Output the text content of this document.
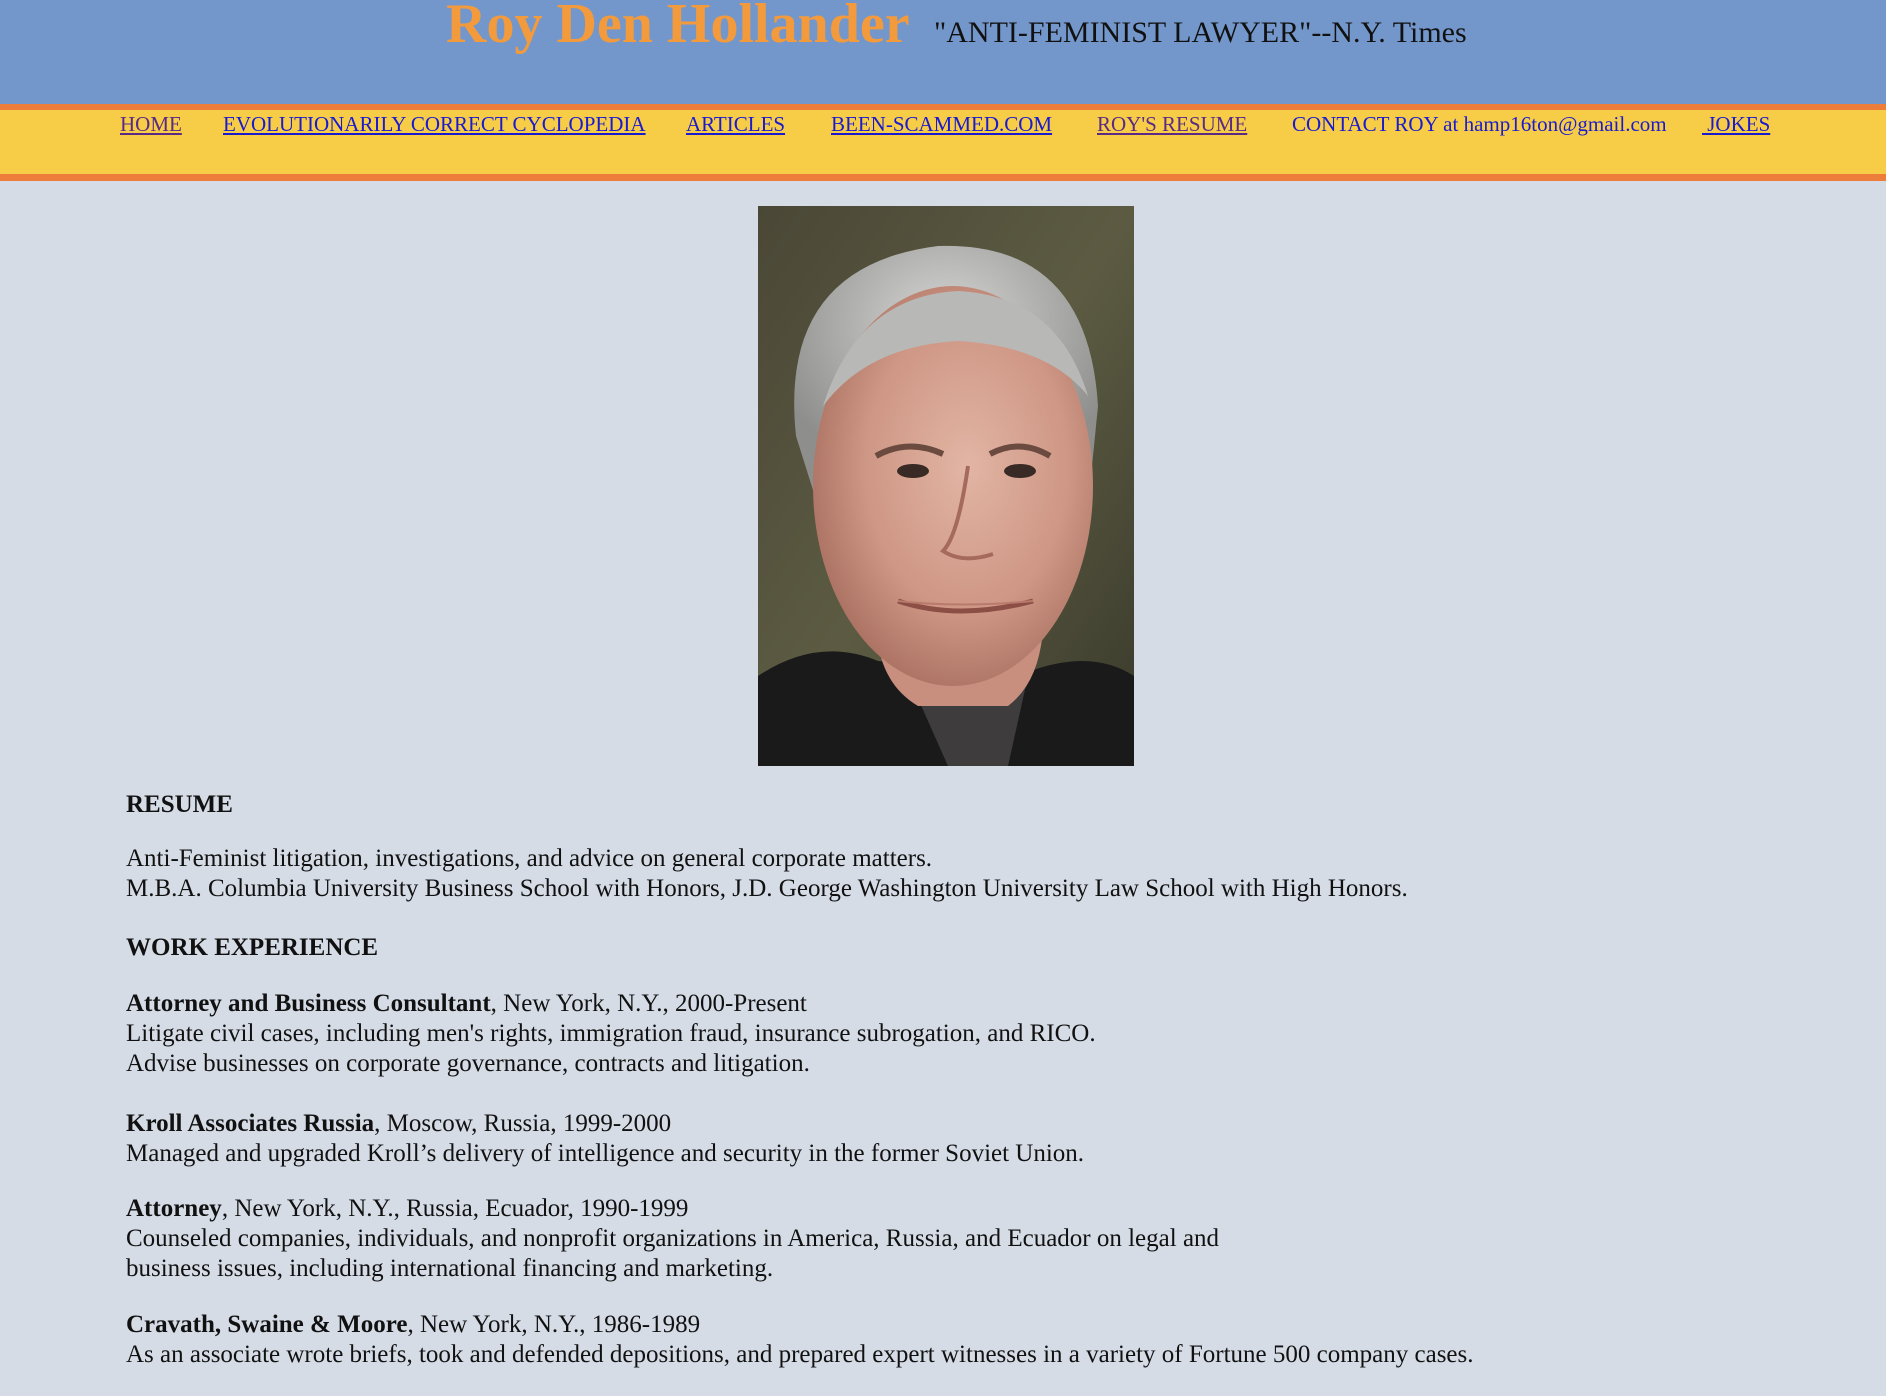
Roy Den Hollander "ANTI-FEMINIST LAWYER"--N.Y. Times
HOME EVOLUTIONARILY CORRECT CYCLOPEDIA ARTICLES BEEN-SCAMMED.COM ROY'S RESUME CONTACT ROY at hamp16ton@gmail.com JOKES

RESUME

Anti-Feminist litigation, investigations, and advice on general corporate matters.

M.B.A. Columbia University Business School with Honors, J.D. George Washington University Law School with High Honors.

WORK EXPERIENCE

Attorney and Business Consultant, New York, N.Y., 2000-Present

Litigate civil cases, including men's rights, immigration fraud, insurance subrogation, and RICO.

Advise businesses on corporate governance, contracts and litigation.

Kroll Associates Russia, Moscow, Russia, 1999-2000

Managed and upgraded Kroll’s delivery of intelligence and security in the former Soviet Union.

Attorney, New York, N.Y., Russia, Ecuador, 1990-1999

Counseled companies, individuals, and nonprofit organizations in America, Russia, and Ecuador on legal and

business issues, including international financing and marketing.

Cravath, Swaine & Moore, New York, N.Y., 1986-1989

As an associate wrote briefs, took and defended depositions, and prepared expert witnesses in a variety of Fortune 500 company cases.
